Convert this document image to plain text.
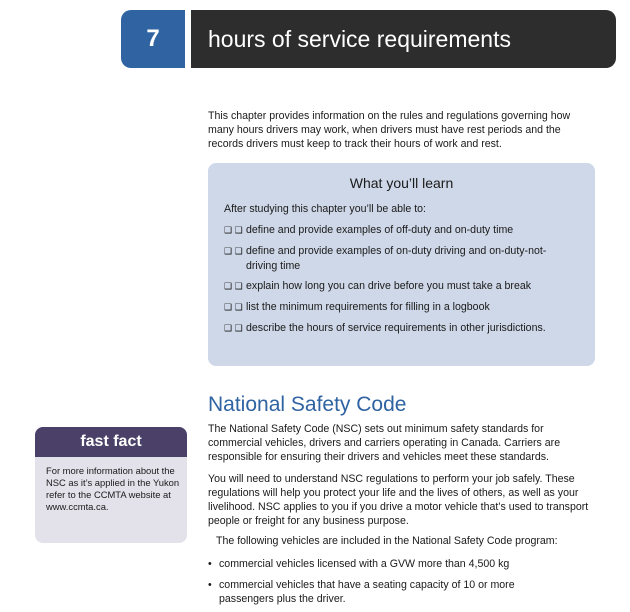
7	hours of service requirements

This chapter provides information on the rules and regulations governing how many hours drivers may work, when drivers must have rest periods and the records drivers must keep to track their hours of work and rest.

What you’ll learn
After studying this chapter you’ll be able to:
❑ ❑ define and provide examples of off-duty and on-duty time
❑ ❑ define and provide examples of on-duty driving and on-duty-not-driving time
❑ ❑ explain how long you can drive before you must take a break
❑ ❑ list the minimum requirements for filling in a logbook
❑ ❑ describe the hours of service requirements in other jurisdictions.
National Safety Code

The National Safety Code (NSC) sets out minimum safety standards for commercial vehicles, drivers and carriers operating in Canada. Carriers are responsible for ensuring their drivers and vehicles meet these standards.

You will need to understand NSC regulations to perform your job safely. These regulations will help you protect your life and the lives of others, as well as your livelihood. NSC applies to you if you drive a motor vehicle that’s used to transport people or freight for any business purpose.

The following vehicles are included in the National Safety Code program:

• commercial vehicles licensed with a GVW more than 4,500 kg
• commercial vehicles that have a seating capacity of 10 or more passengers plus the driver.
fast fact
For more information about the NSC as it’s applied in the Yukon refer to the CCMTA website at www.ccmta.ca.
